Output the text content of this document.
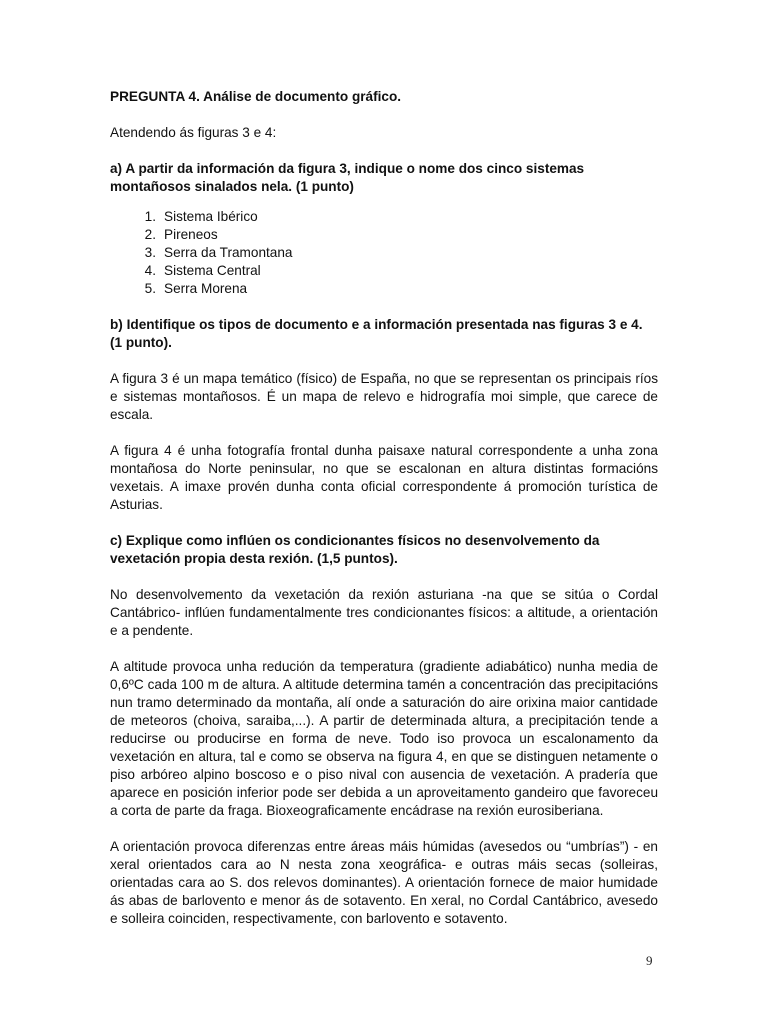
PREGUNTA 4. Análise de documento gráfico.

Atendendo ás figuras 3 e 4:

a) A partir da información da figura 3, indique o nome dos cinco sistemas montañosos sinalados nela. (1 punto)

1. Sistema Ibérico
2. Pireneos
3. Serra da Tramontana
4. Sistema Central
5. Serra Morena

b) Identifique os tipos de documento e a información presentada nas figuras 3 e 4. (1 punto).

A figura 3 é un mapa temático (físico) de España, no que se representan os principais ríos e sistemas montañosos. É un mapa de relevo e hidrografía moi simple, que carece de escala.

A figura 4 é unha fotografía frontal dunha paisaxe natural correspondente a unha zona montañosa do Norte peninsular, no que se escalonan en altura distintas formacións vexetais. A imaxe provén dunha conta oficial correspondente á promoción turística de Asturias.

c) Explique como inflúen os condicionantes físicos no desenvolvemento da vexetación propia desta rexión. (1,5 puntos).

No desenvolvemento da vexetación da rexión asturiana -na que se sitúa o Cordal Cantábrico- inflúen fundamentalmente tres condicionantes físicos: a altitude, a orientación e a pendente.

A altitude provoca unha redución da temperatura (gradiente adiabático) nunha media de 0,6ºC cada 100 m de altura. A altitude determina tamén a concentración das precipitacións nun tramo determinado da montaña, alí onde a saturación do aire orixina maior cantidade de meteoros (choiva, saraiba,...). A partir de determinada altura, a precipitación tende a reducirse ou producirse en forma de neve. Todo iso provoca un escalonamento da vexetación en altura, tal e como se observa na figura 4, en que se distinguen netamente o piso arbóreo alpino boscoso e o piso nival con ausencia de vexetación. A pradería que aparece en posición inferior pode ser debida a un aproveitamento gandeiro que favoreceu a corta de parte da fraga. Bioxeograficamente encádrase na rexión eurosiberiana.

A orientación provoca diferenzas entre áreas máis húmidas (avesedos ou “umbrías”) - en xeral orientados cara ao N nesta zona xeográfica- e outras máis secas (solleiras, orientadas cara ao S. dos relevos dominantes). A orientación fornece de maior humidade ás abas de barlovento e menor ás de sotavento. En xeral, no Cordal Cantábrico, avesedo e solleira coinciden, respectivamente, con barlovento e sotavento.

9
